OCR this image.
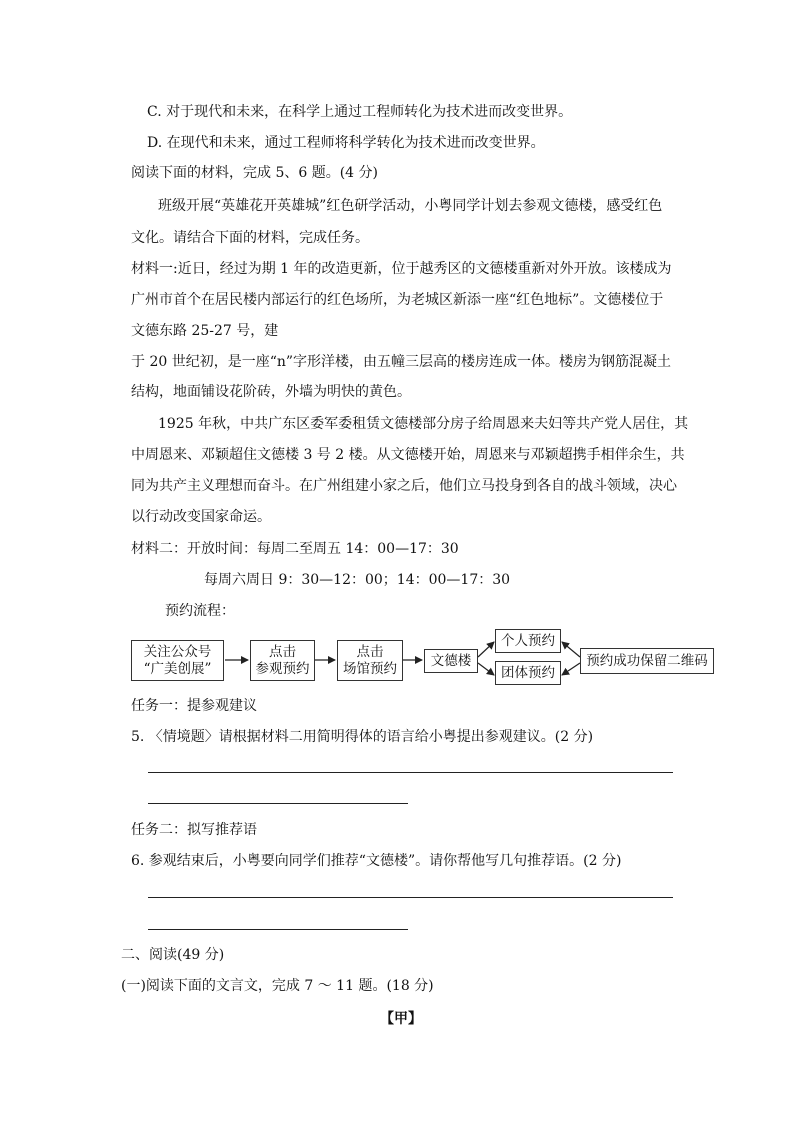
C. 对于现代和未来，在科学上通过工程师转化为技术进而改变世界。
D. 在现代和未来，通过工程师将科学转化为技术进而改变世界。
阅读下面的材料，完成 5、6 题。(4 分)
班级开展“英雄花开英雄城”红色研学活动，小粤同学计划去参观文德楼，感受红色
文化。请结合下面的材料，完成任务。
材料一:近日，经过为期 1 年的改造更新，位于越秀区的文德楼重新对外开放。该楼成为
广州市首个在居民楼内部运行的红色场所，为老城区新添一座“红色地标”。文德楼位于
文德东路 25-27 号，建
于 20 世纪初，是一座“n”字形洋楼，由五幢三层高的楼房连成一体。楼房为钢筋混凝土
结构，地面铺设花阶砖，外墙为明快的黄色。
1925 年秋，中共广东区委军委租赁文德楼部分房子给周恩来夫妇等共产党人居住，其
中周恩来、邓颖超住文德楼 3 号 2 楼。从文德楼开始，周恩来与邓颖超携手相伴余生，共
同为共产主义理想而奋斗。在广州组建小家之后，他们立马投身到各自的战斗领域，决心
以行动改变国家命运。
材料二：开放时间：每周二至周五 14：00—17：30
每周六周日 9：30—12：00；14：00—17：30
预约流程：
关注公众号
“广美创展”
点击
参观预约
点击
场馆预约	文德楼
个人预约
团体预约
预约成功保留二维码
任务一：提参观建议
5. 〈情境题〉请根据材料二用简明得体的语言给小粤提出参观建议。(2 分)
任务二：拟写推荐语
6. 参观结束后，小粤要向同学们推荐“文德楼”。请你帮他写几句推荐语。(2 分)
二、阅读(49 分)
(一)阅读下面的文言文，完成 7 ～ 11 题。(18 分)
【甲】
